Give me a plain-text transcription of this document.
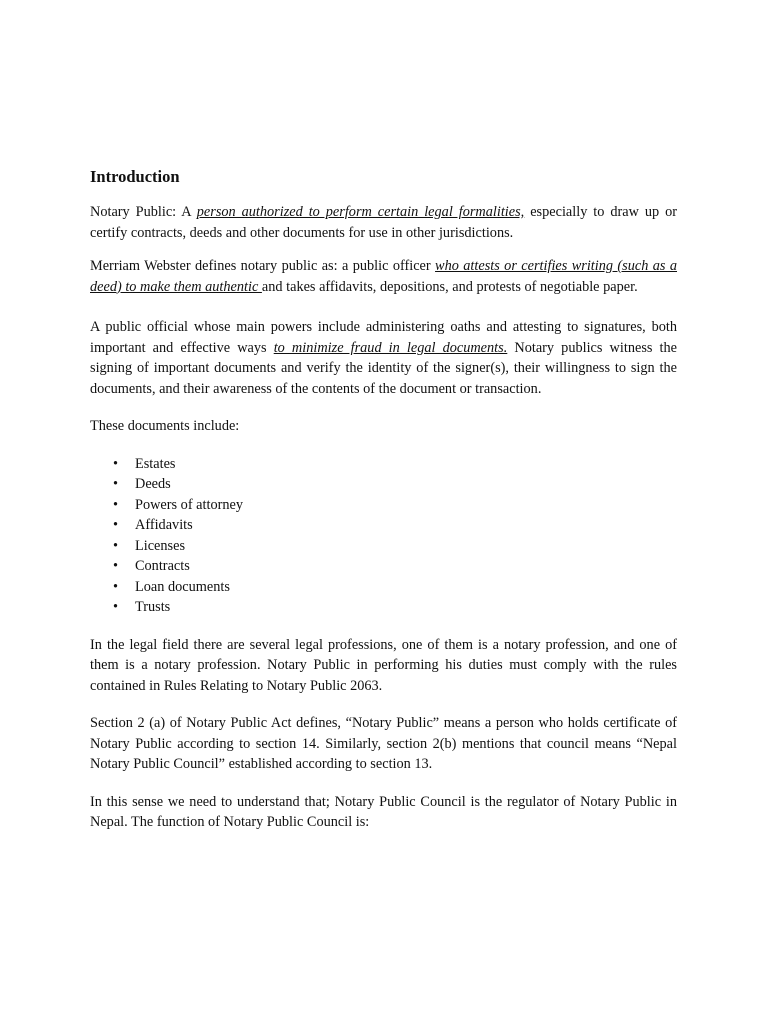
Introduction

Notary Public: A person authorized to perform certain legal formalities, especially to draw up or certify contracts, deeds and other documents for use in other jurisdictions.

Merriam Webster defines notary public as: a public officer who attests or certifies writing (such as a deed) to make them authentic and takes affidavits, depositions, and protests of negotiable paper.

A public official whose main powers include administering oaths and attesting to signatures, both important and effective ways to minimize fraud in legal documents. Notary publics witness the signing of important documents and verify the identity of the signer(s), their willingness to sign the documents, and their awareness of the contents of the document or transaction.

These documents include:

• Estates
• Deeds
• Powers of attorney
• Affidavits
• Licenses
• Contracts
• Loan documents
• Trusts

In the legal field there are several legal professions, one of them is a notary profession, and one of them is a notary profession. Notary Public in performing his duties must comply with the rules contained in Rules Relating to Notary Public 2063.

Section 2 (a) of Notary Public Act defines, “Notary Public” means a person who holds certificate of Notary Public according to section 14. Similarly, section 2(b) mentions that council means “Nepal Notary Public Council” established according to section 13.

In this sense we need to understand that; Notary Public Council is the regulator of Notary Public in Nepal. The function of Notary Public Council is:
